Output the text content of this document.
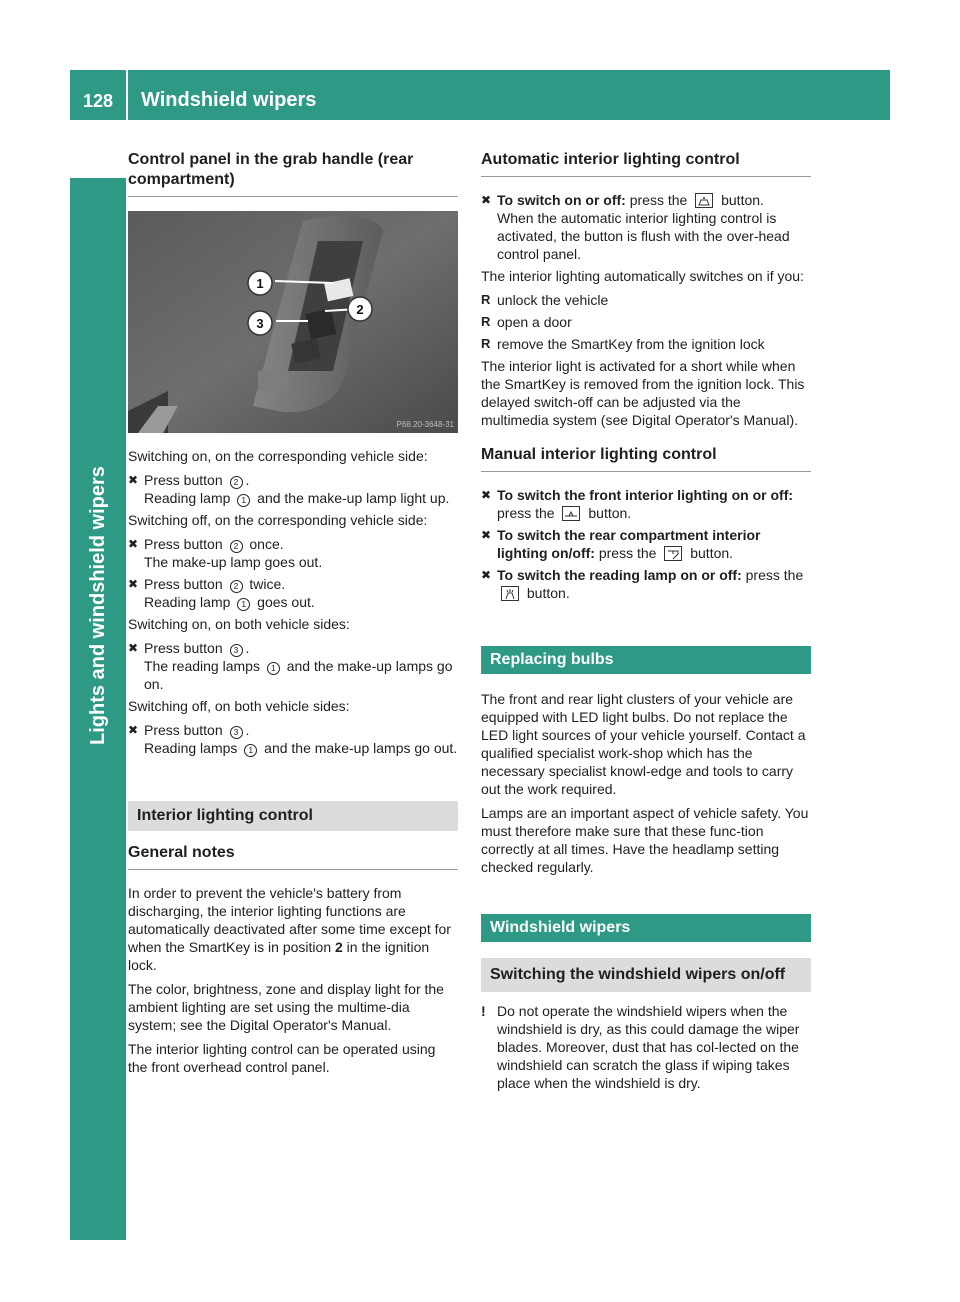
128	Windshield wipers
Lights and windshield wipers
Control panel in the grab handle (rear compartment)
1
2
3
P68.20-3648-31

Switching on, on the corresponding vehicle side:

✖ Press button 2 .
Reading lamp 1 and the make-up lamp light up.

Switching off, on the corresponding vehicle side:

✖ Press button 2 once.
The make-up lamp goes out.
✖ Press button 2 twice.
Reading lamp 1 goes out.

Switching on, on both vehicle sides:

✖ Press button 3 .
The reading lamps 1 and the make-up lamps go on.

Switching off, on both vehicle sides:

✖ Press button 3 .
Reading lamps 1 and the make-up lamps go out.
Interior lighting control
General notes

In order to prevent the vehicle's battery from discharging, the interior lighting functions are automatically deactivated after some time except for when the SmartKey is in position 2 in the ignition lock.

The color, brightness, zone and display light for the ambient lighting are set using the multime-dia system; see the Digital Operator's Manual.

The interior lighting control can be operated using the front overhead control panel.

Automatic interior lighting control
✖ To switch on or off: press the  button.
When the automatic interior lighting control is activated, the button is flush with the over-head control panel.

The interior lighting automatically switches on if you:

R unlock the vehicle
R open a door
R remove the SmartKey from the ignition lock

The interior light is activated for a short while when the SmartKey is removed from the ignition lock. This delayed switch-off can be adjusted via the multimedia system (see Digital Operator's Manual).

Manual interior lighting control
✖ To switch the front interior lighting on or off: press the  button.
✖ To switch the rear compartment interior lighting on/off: press the  button.
✖ To switch the reading lamp on or off: press the  button.
Replacing bulbs

The front and rear light clusters of your vehicle are equipped with LED light bulbs. Do not replace the LED light sources of your vehicle yourself. Contact a qualified specialist work-shop which has the necessary specialist knowl-edge and tools to carry out the work required.

Lamps are an important aspect of vehicle safety. You must therefore make sure that these func-tion correctly at all times. Have the headlamp setting checked regularly.

Windshield wipers
Switching the windshield wipers on/off
! Do not operate the windshield wipers when the windshield is dry, as this could damage the wiper blades. Moreover, dust that has col-lected on the windshield can scratch the glass if wiping takes place when the windshield is dry.
